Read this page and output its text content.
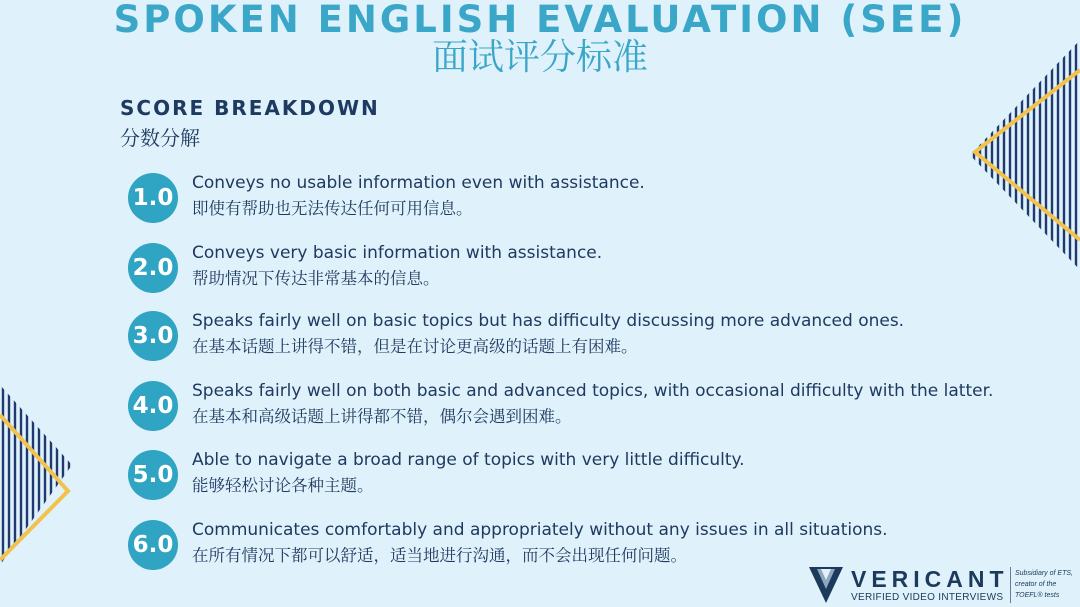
SPOKEN ENGLISH EVALUATION (SEE)
面试评分标准
SCORE BREAKDOWN
分数分解
1.0
Conveys no usable information even with assistance.
即使有帮助也无法传达任何可用信息。
2.0
Conveys very basic information with assistance.
帮助情况下传达非常基本的信息。
3.0
Speaks fairly well on basic topics but has difficulty discussing more advanced ones.
在基本话题上讲得不错，但是在讨论更高级的话题上有困难。
4.0
Speaks fairly well on both basic and advanced topics, with occasional difficulty with the latter.
在基本和高级话题上讲得都不错，偶尔会遇到困难。
5.0
Able to navigate a broad range of topics with very little difficulty.
能够轻松讨论各种主题。
6.0
Communicates comfortably and appropriately without any issues in all situations.
在所有情况下都可以舒适，适当地进行沟通，而不会出现任何问题。
VERICANT
VERIFIED VIDEO INTERVIEWS
Subsidiary of ETS,
creator of the
TOEFL® tests
